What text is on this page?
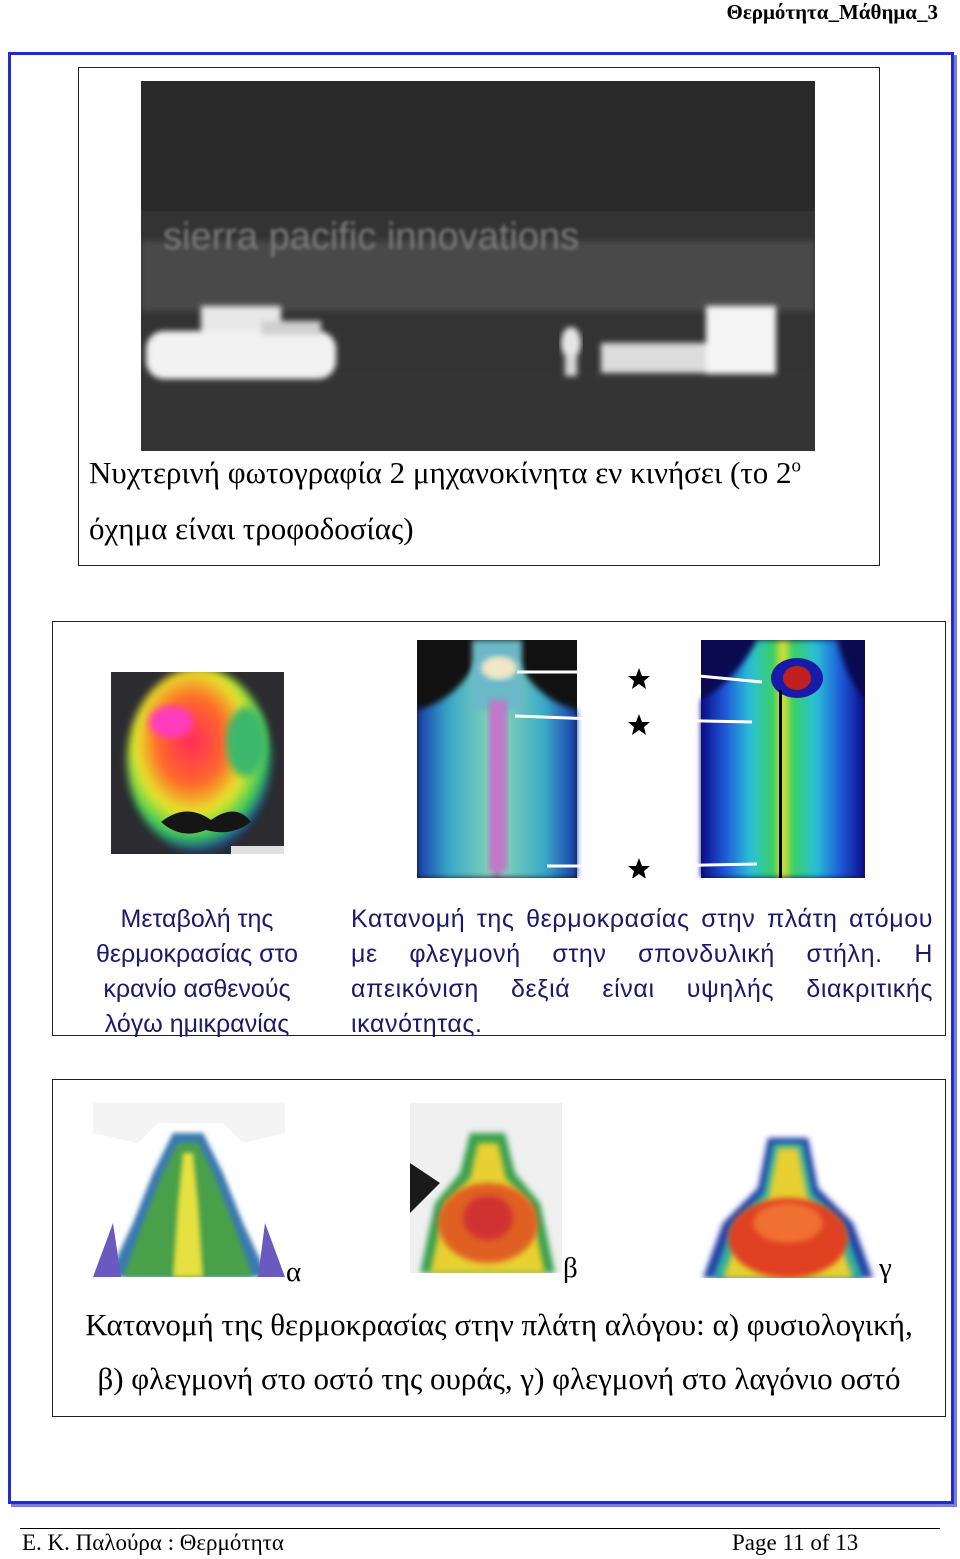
Θερμότητα_Μάθημα_3
sierra pacific innovations
Νυχτερινή φωτογραφία 2 μηχανοκίνητα εν κινήσει (το $2^o$
όχημα είναι τροφοδοσίας)
Μεταβολή της θερμοκρασίας στο κρανίο ασθενούς λόγω ημικρανίας
Κατανομή της θερμοκρασίας στην πλάτη ατόμου με φλεγμονή στην σπονδυλική στήλη. Η απεικόνιση δεξιά είναι υψηλής διακριτικής ικανότητας.
α	β	γ
Κατανομή της θερμοκρασίας στην πλάτη αλόγου: α) φυσιολογική,
β) φλεγμονή στο οστό της ουράς, γ) φλεγμονή στο λαγόνιο οστό
Ε. Κ. Παλούρα : Θερμότητα	Page 11 of 13
